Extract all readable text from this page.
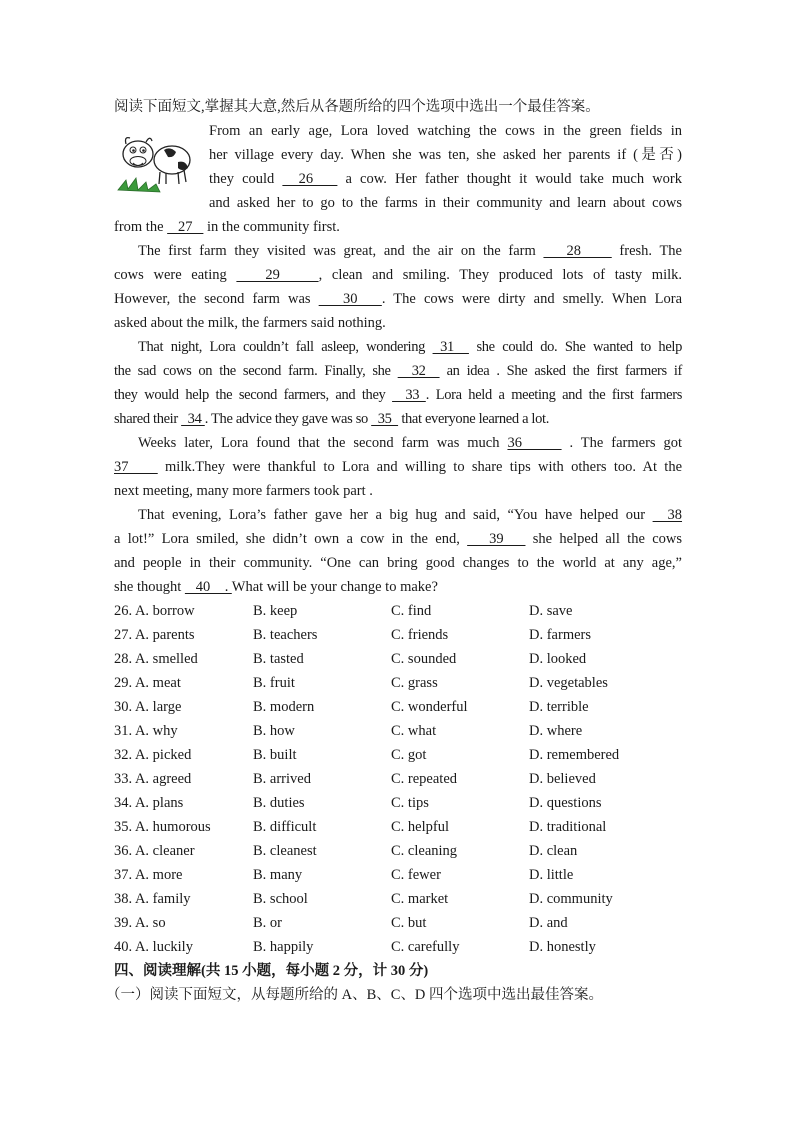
阅读下面短文,掌握其大意,然后从各题所给的四个选项中选出一个最佳答案。
From an early age, Lora loved watching the cows in the green fields in
her village every day. When she was ten, she asked her parents if (是否)
they could   26    a cow. Her father thought it would take much work
and asked her to go to the farms in their community and learn about cows
from the    27    in the community first.
The first farm they visited was great, and the air on the farm    28     fresh. The
cows were eating    29    , clean and smiling. They produced lots of tasty milk.
However, the second farm was    30   . The cows were dirty and smelly. When Lora
asked about the milk, the farmers said nothing.
That night, Lora couldn’t fall asleep, wondering  31   she could do. She wanted to help
the sad cows on the second farm. Finally, she   32   an idea . She asked the first farmers if
they would help the second farmers, and they   33 . Lora held a meeting and the first farmers
shared their   34 . The advice they gave was so   35   that everyone learned a lot.
Weeks later, Lora found that the second farm was much 36      . The farmers got
37     milk.They were thankful to Lora and willing to share tips with others too. At the
next meeting, many more farmers took part .
That evening, Lora’s father gave her a big hug and said, “You have helped our   38
a lot!” Lora smiled, she didn’t own a cow in the end,    39    she helped all the cows
and people in their community. “One can bring good changes to the world at any age,”
she thought    40    . What will be your change to make?
26. A. borrow	B. keep	C. find	D. save
27. A. parents	B. teachers	C. friends	D. farmers
28. A. smelled	B. tasted	C. sounded	D. looked
29. A. meat	B. fruit	C. grass	D. vegetables
30. A. large	B. modern	C. wonderful	D. terrible
31. A. why	B. how	C. what	D. where
32. A. picked	B. built	C. got	D. remembered
33. A. agreed	B. arrived	C. repeated	D. believed
34. A. plans	B. duties	C. tips	D. questions
35. A. humorous	B. difficult	C. helpful	D. traditional
36. A. cleaner	B. cleanest	C. cleaning	D. clean
37. A. more	B. many	C. fewer	D. little
38. A. family	B. school	C. market	D. community
39. A. so	B. or	C. but	D. and
40. A. luckily	B. happily	C. carefully	D. honestly
四、阅读理解(共 15 小题，每小题 2 分，计 30 分)
（一）阅读下面短文，从每题所给的 A、B、C、D 四个选项中选出最佳答案。
